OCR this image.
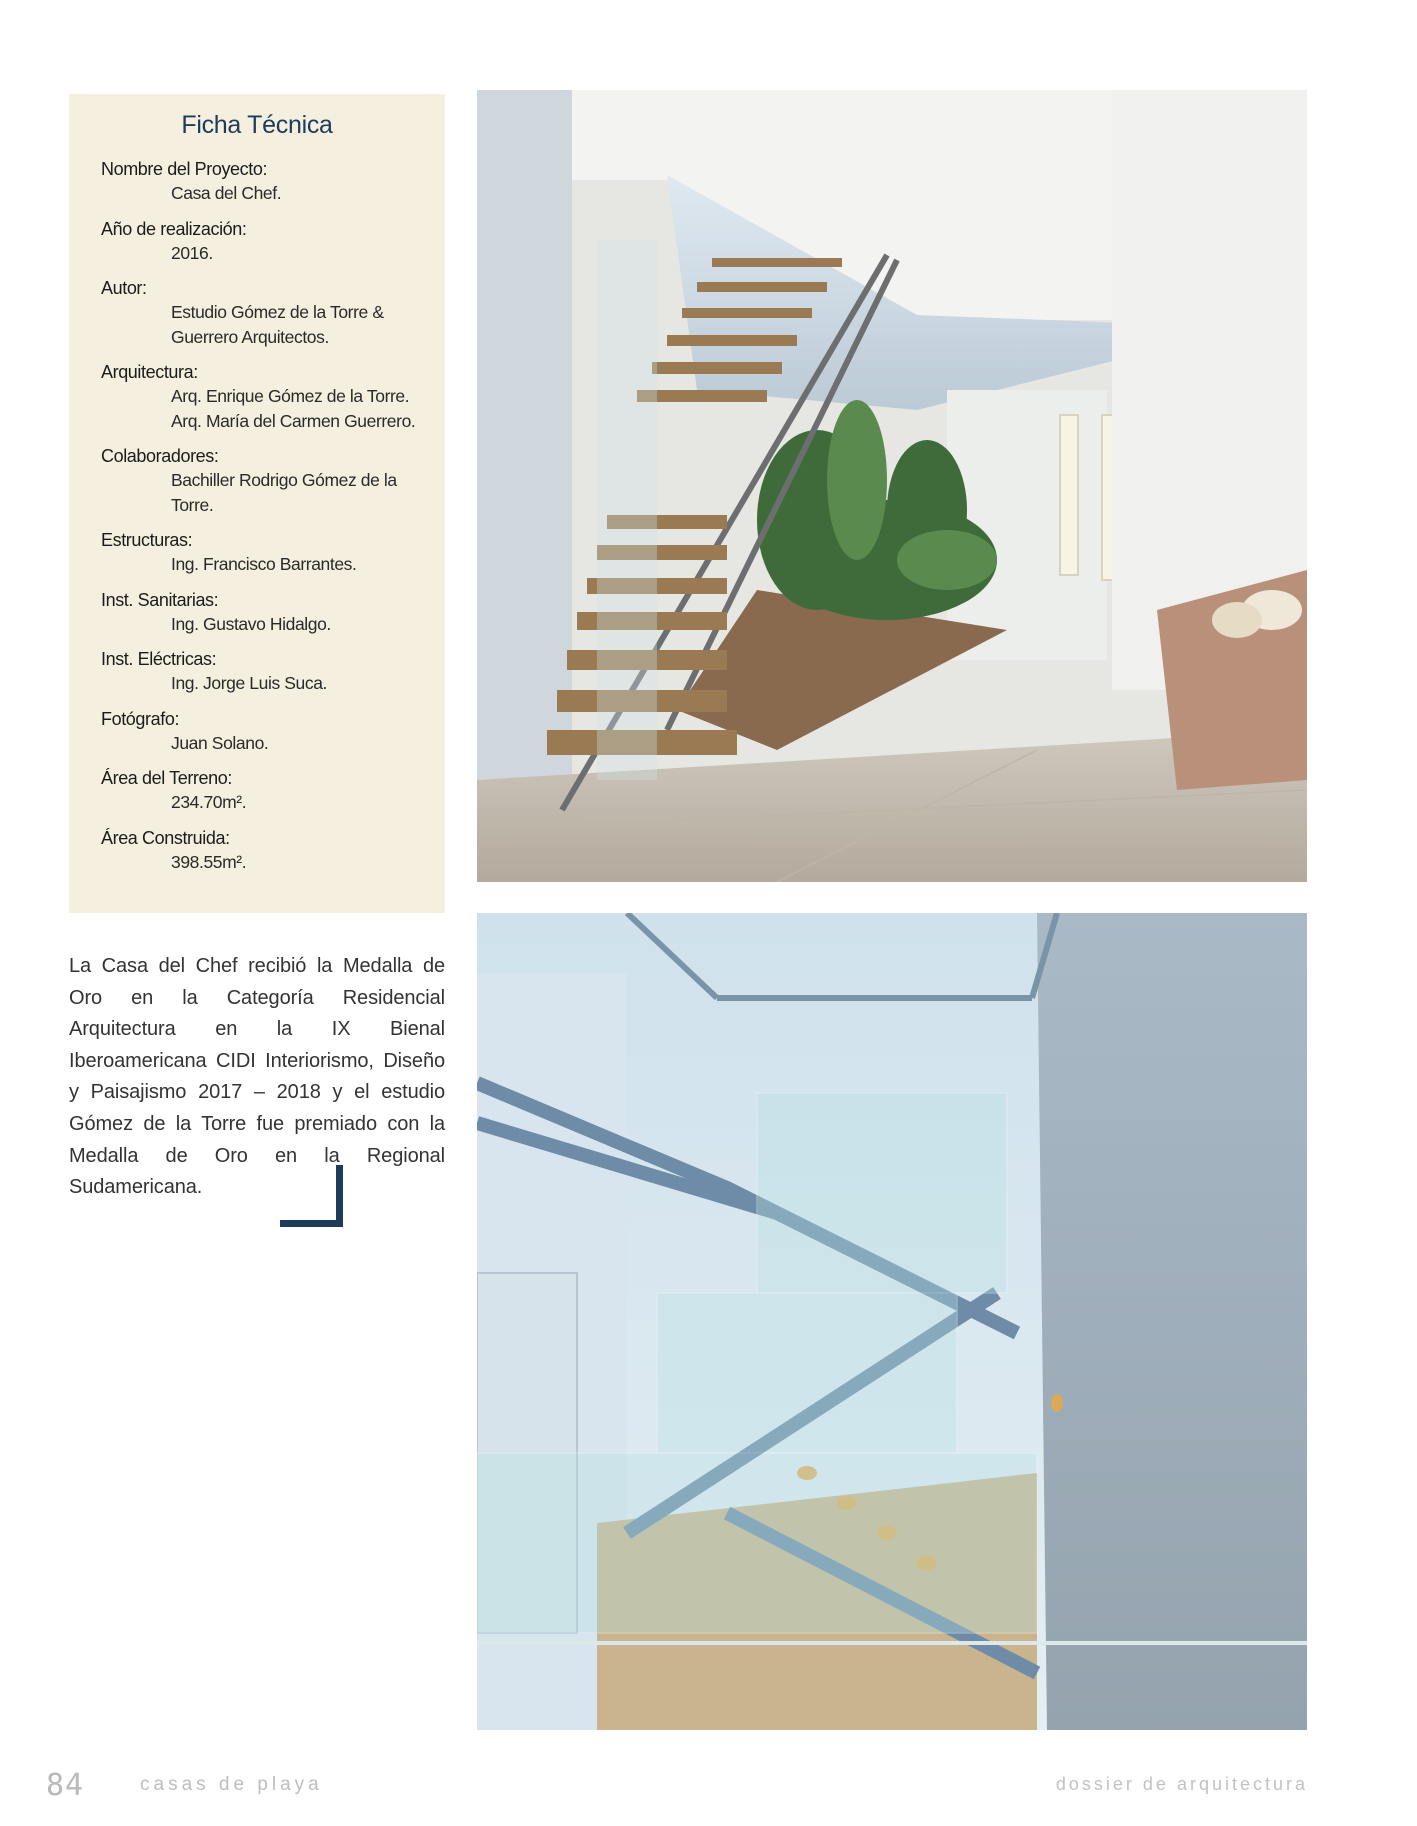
Ficha Técnica
Nombre del Proyecto:
Casa del Chef.
Año de realización:
2016.
Autor:
Estudio Gómez de la Torre & Guerrero Arquitectos.
Arquitectura:
Arq. Enrique Gómez de la Torre. Arq. María del Carmen Guerrero.
Colaboradores:
Bachiller Rodrigo Gómez de la Torre.
Estructuras:
Ing. Francisco Barrantes.
Inst. Sanitarias:
Ing. Gustavo Hidalgo.
Inst. Eléctricas:
Ing. Jorge Luis Suca.
Fotógrafo:
Juan Solano.
Área del Terreno:
234.70m².
Área Construida:
398.55m².

La Casa del Chef recibió la Medalla de Oro en la Categoría Residencial Arquitectura en la IX Bienal Iberoamericana CIDI Interiorismo, Diseño y Paisajismo 2017 – 2018 y el estudio Gómez de la Torre fue premiado con la Medalla de Oro en la Regional Sudamericana.

84	casas de playa	dossier de arquitectura
